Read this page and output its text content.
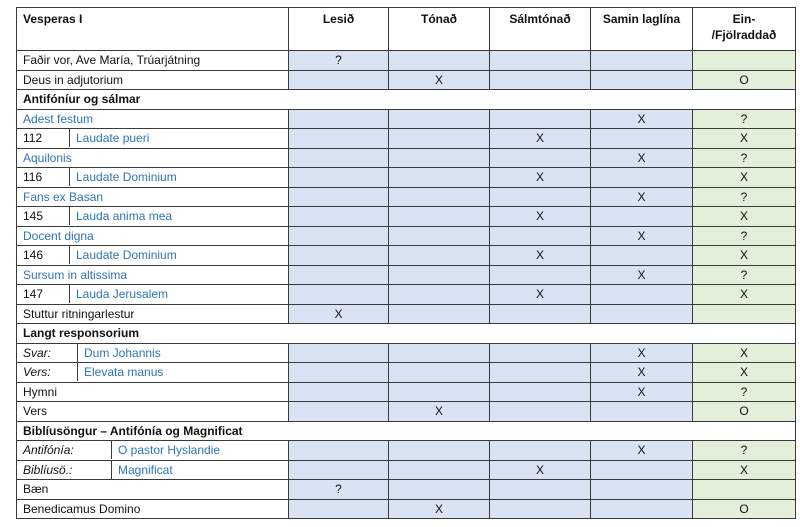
Vesperas I	Lesið	Tónað	Sálmtónað	Samin laglína	Ein-
/Fjölraddað
Faðir vor, Ave María, Trúarjátning	?				
Deus in adjutorium		X			O
Antifóníur og sálmar					
Adest festum				X	?
112 Laudate pueri			X		X
Aquilonis				X	?
116 Laudate Dominium			X		X
Fans ex Basan				X	?
145 Lauda anima mea			X		X
Docent digna				X	?
146 Laudate Dominium			X		X
Sursum in altissima				X	?
147 Lauda Jerusalem			X		X
Stuttur ritningarlestur	X				
Langt responsorium					
Svar: Dum Johannis				X	X
Vers: Elevata manus				X	X
Hymni				X	?
Vers		X			O
Biblíusöngur – Antifónía og Magnificat					
Antifónía: O pastor Hyslandie				X	?
Biblíusö.: Magnificat			X		X
Bæn	?				
Benedicamus Domino		X			O
